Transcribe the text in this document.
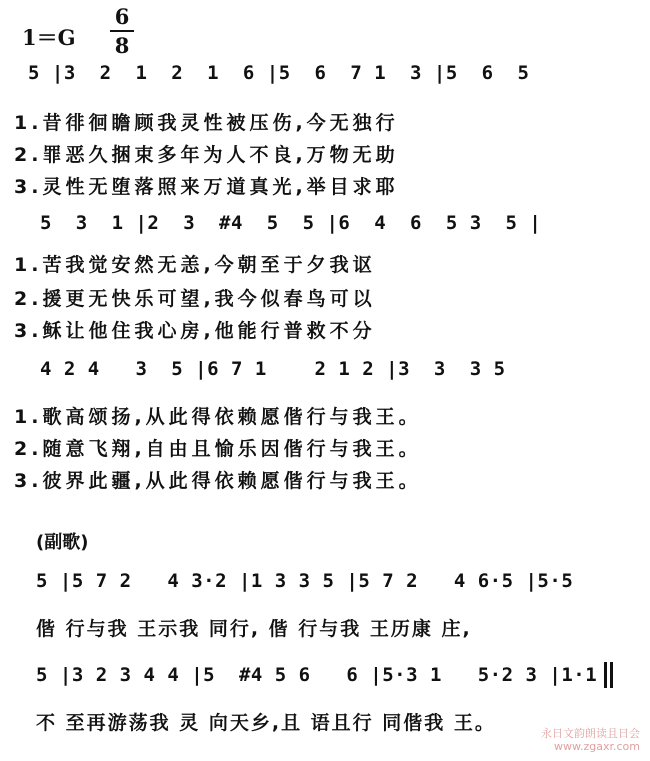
1＝G
6
8
5 |3  2  1  2  1  6 |5  6  7 1  3 |5  6  5
1.昔徘徊瞻顾我灵性被压伤,今无独行
2.罪恶久捆束多年为人不良,万物无助
3.灵性无堕落照来万道真光,举目求耶
5  3  1 |2  3  #4  5  5 |6  4  6  5 3  5 |
1.苦我觉安然无恙,今朝至于夕我讴
2.援更无快乐可望,我今似春鸟可以
3.稣让他住我心房,他能行普救不分
4 2 4   3  5 |6 7 1    2 1 2 |3  3  3 5
1.歌高颂扬,从此得依赖愿偕行与我王。
2.随意飞翔,自由且愉乐因偕行与我王。
3.彼界此疆,从此得依赖愿偕行与我王。
(副歌)
5 |5 7 2   4 3·2 |1 3 3 5 |5 7 2   4 6·5 |5·5
偕 行与我 王示我 同行, 偕 行与我 王历康 庄,
5 |3 2 3 4 4 |5  #4 5 6   6 |5·3 1   5·2 3 |1·1
不 至再游荡我 灵 向天乡,且 语且行 同偕我 王。	永日文韵朗读且日会
www.zgaxr.com
